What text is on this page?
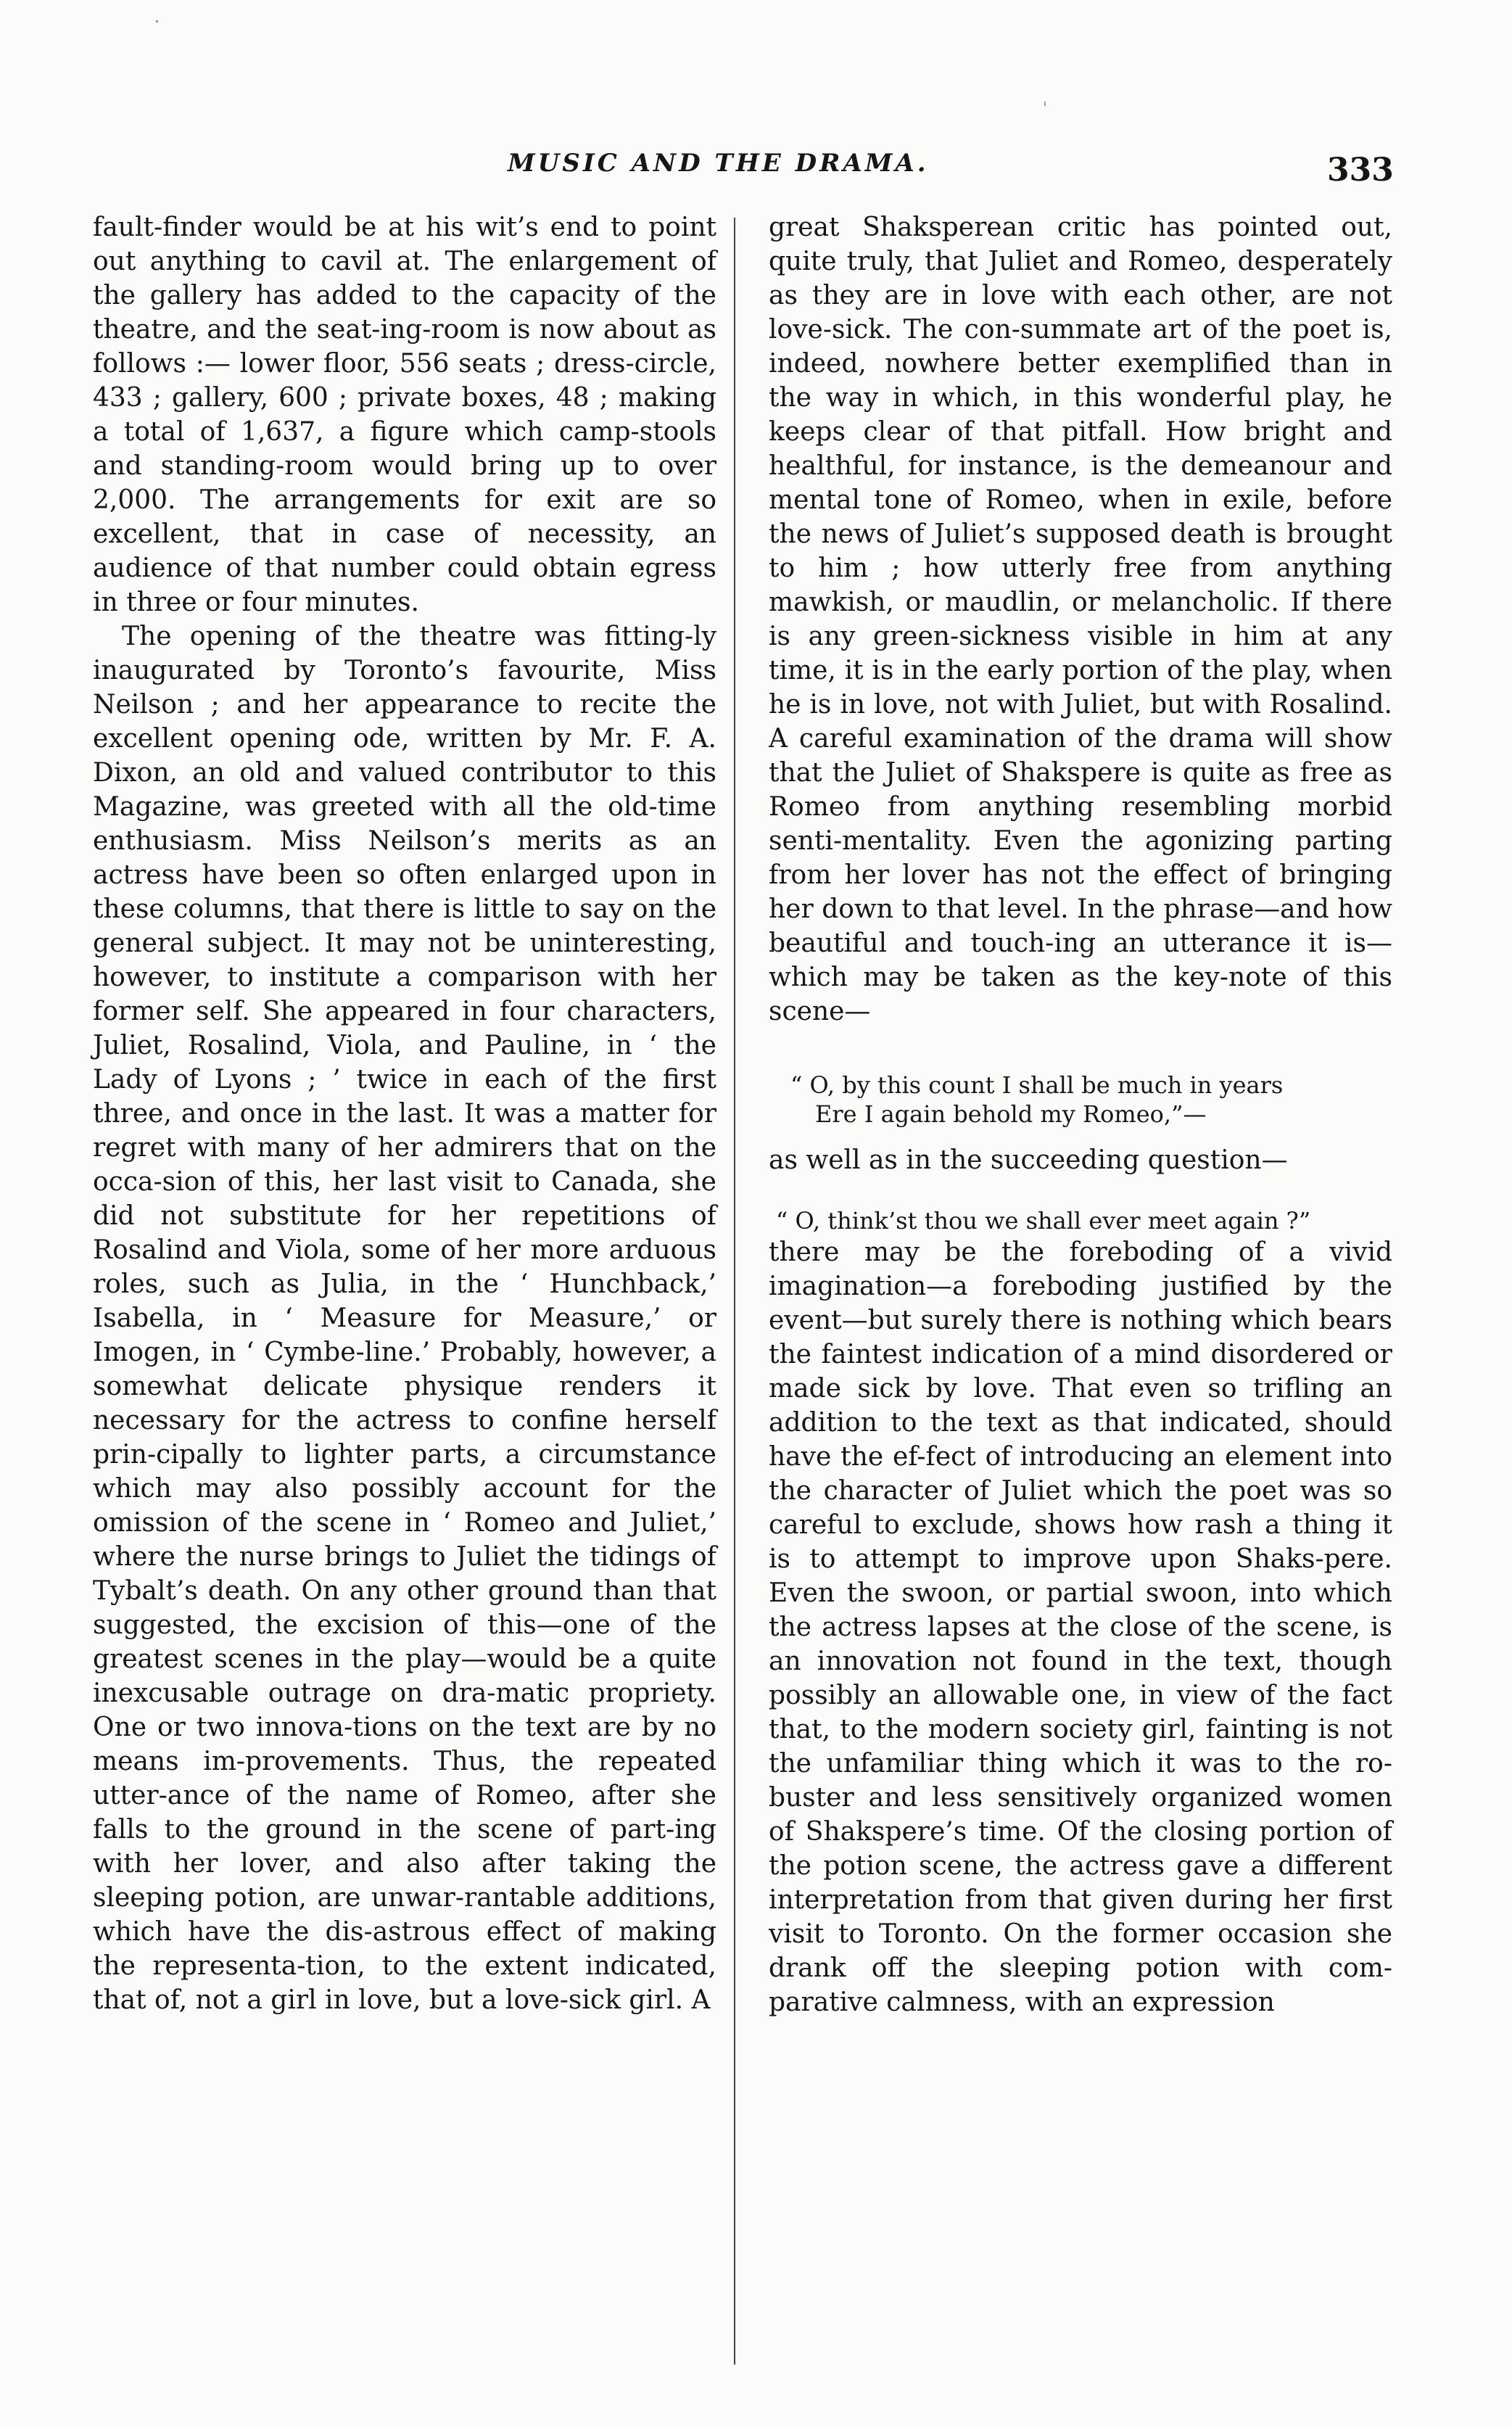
MUSIC AND THE DRAMA.	333

fault-finder would be at his wit’s end to point out anything to cavil at. The enlargement of the gallery has added to the capacity of the theatre, and the seat-ing-room is now about as follows :— lower floor, 556 seats ; dress-circle, 433 ; gallery, 600 ; private boxes, 48 ; making a total of 1,637, a figure which camp-stools and standing-room would bring up to over 2,000. The arrangements for exit are so excellent, that in case of necessity, an audience of that number could obtain egress in three or four minutes.

The opening of the theatre was fitting-ly inaugurated by Toronto’s favourite, Miss Neilson ; and her appearance to recite the excellent opening ode, written by Mr. F. A. Dixon, an old and valued contributor to this Magazine, was greeted with all the old-time enthusiasm. Miss Neilson’s merits as an actress have been so often enlarged upon in these columns, that there is little to say on the general subject. It may not be uninteresting, however, to institute a comparison with her former self. She appeared in four characters, Juliet, Rosalind, Viola, and Pauline, in ‘ the Lady of Lyons ; ’ twice in each of the first three, and once in the last. It was a matter for regret with many of her admirers that on the occa-sion of this, her last visit to Canada, she did not substitute for her repetitions of Rosalind and Viola, some of her more arduous roles, such as Julia, in the ‘ Hunchback,’ Isabella, in ‘ Measure for Measure,’ or Imogen, in ‘ Cymbe-line.’ Probably, however, a somewhat delicate physique renders it necessary for the actress to confine herself prin-cipally to lighter parts, a circumstance which may also possibly account for the omission of the scene in ‘ Romeo and Juliet,’ where the nurse brings to Juliet the tidings of Tybalt’s death. On any other ground than that suggested, the excision of this—one of the greatest scenes in the play—would be a quite inexcusable outrage on dra-matic propriety. One or two innova-tions on the text are by no means im-provements. Thus, the repeated utter-ance of the name of Romeo, after she falls to the ground in the scene of part-ing with her lover, and also after taking the sleeping potion, are unwar-rantable additions, which have the dis-astrous effect of making the representa-tion, to the extent indicated, that of, not a girl in love, but a love-sick girl. A

great Shaksperean critic has pointed out, quite truly, that Juliet and Romeo, desperately as they are in love with each other, are not love-sick. The con-summate art of the poet is, indeed, nowhere better exemplified than in the way in which, in this wonderful play, he keeps clear of that pitfall. How bright and healthful, for instance, is the demeanour and mental tone of Romeo, when in exile, before the news of Juliet’s supposed death is brought to him ; how utterly free from anything mawkish, or maudlin, or melancholic. If there is any green-sickness visible in him at any time, it is in the early portion of the play, when he is in love, not with Juliet, but with Rosalind. A careful examination of the drama will show that the Juliet of Shakspere is quite as free as Romeo from anything resembling morbid senti-mentality. Even the agonizing parting from her lover has not the effect of bringing her down to that level. In the phrase—and how beautiful and touch-ing an utterance it is—which may be taken as the key-note of this scene—

“ O, by this count I shall be much in years
Ere I again behold my Romeo,”—
as well as in the succeeding question—
“ O, think’st thou we shall ever meet again ?”

there may be the foreboding of a vivid imagination—a foreboding justified by the event—but surely there is nothing which bears the faintest indication of a mind disordered or made sick by love. That even so trifling an addition to the text as that indicated, should have the ef-fect of introducing an element into the character of Juliet which the poet was so careful to exclude, shows how rash a thing it is to attempt to improve upon Shaks-pere. Even the swoon, or partial swoon, into which the actress lapses at the close of the scene, is an innovation not found in the text, though possibly an allowable one, in view of the fact that, to the modern society girl, fainting is not the unfamiliar thing which it was to the ro-buster and less sensitively organized women of Shakspere’s time. Of the closing portion of the potion scene, the actress gave a different interpretation from that given during her first visit to Toronto. On the former occasion she drank off the sleeping potion with com-parative calmness, with an expression
